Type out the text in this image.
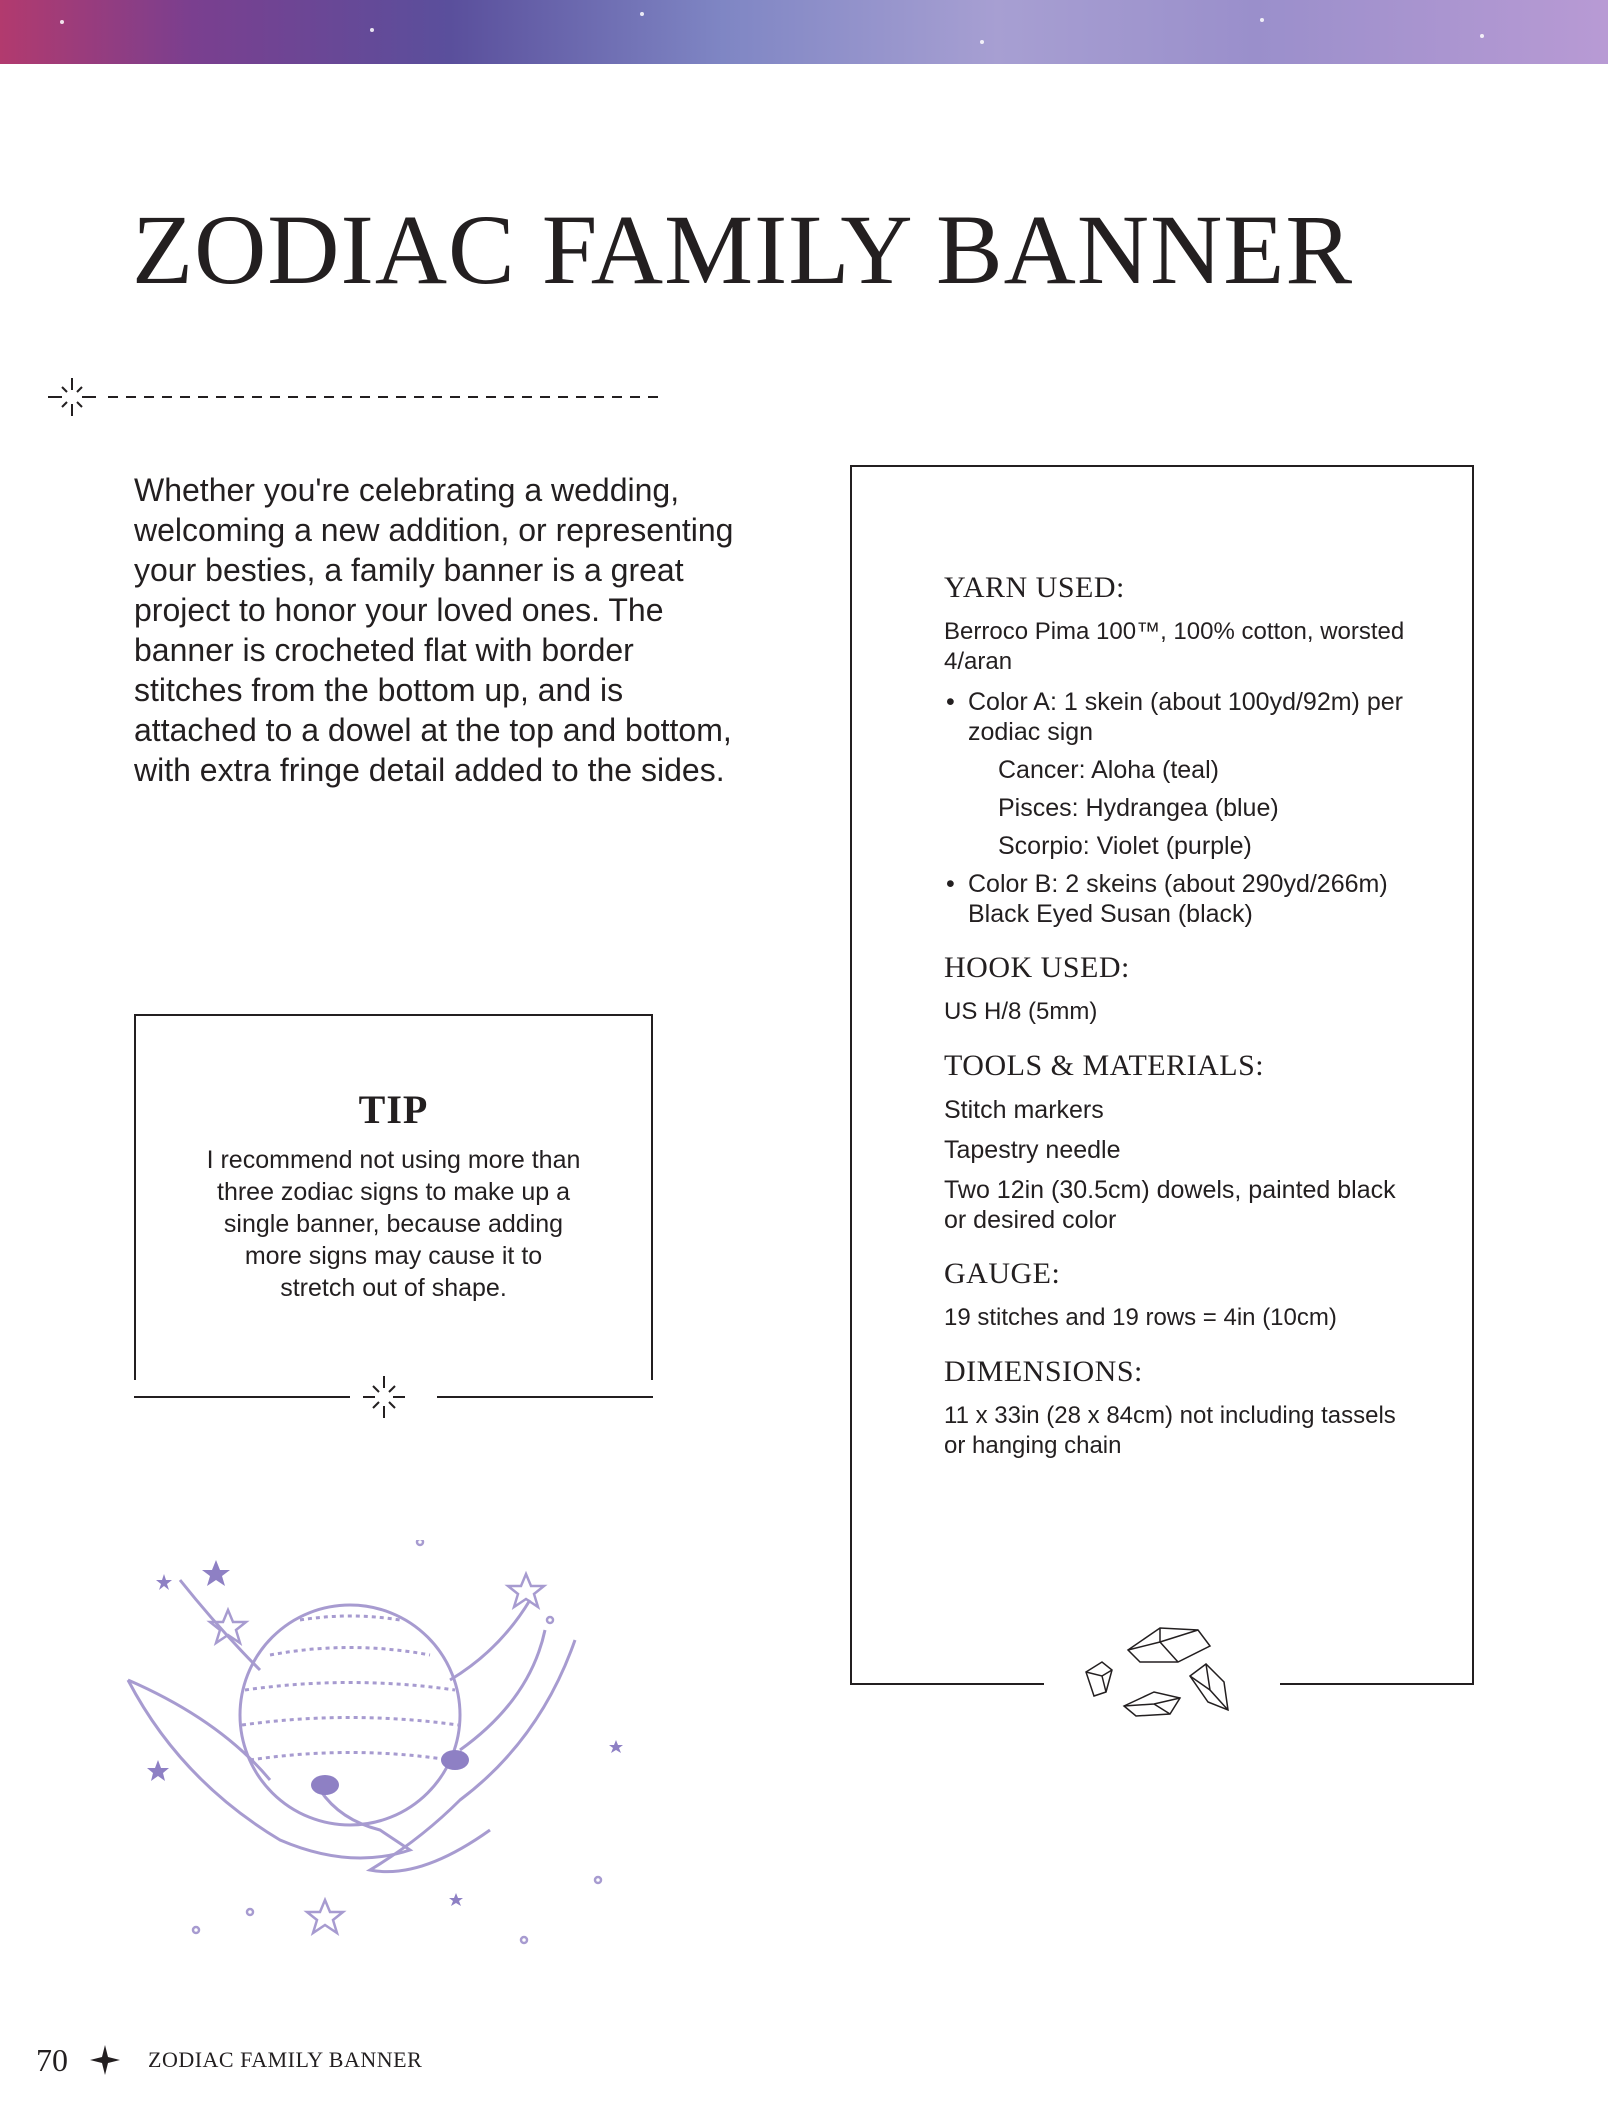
ZODIAC FAMILY BANNER

Whether you're celebrating a wedding, welcoming a new addition, or representing your besties, a family banner is a great project to honor your loved ones. The banner is crocheted flat with border stitches from the bottom up, and is attached to a dowel at the top and bottom, with extra fringe detail added to the sides.

TIP

I recommend not using more than three zodiac signs to make up a single banner, because adding more signs may cause it to stretch out of shape.

YARN USED:

Berroco Pima 100™, 100% cotton, worsted 4/aran

• Color A: 1 skein (about 100yd/92m) per zodiac sign

Cancer: Aloha (teal)

Pisces: Hydrangea (blue)

Scorpio: Violet (purple)

• Color B: 2 skeins (about 290yd/266m) Black Eyed Susan (black)
HOOK USED:

US H/8 (5mm)

TOOLS & MATERIALS:

Stitch markers

Tapestry needle

Two 12in (30.5cm) dowels, painted black or desired color

GAUGE:

19 stitches and 19 rows = 4in (10cm)

DIMENSIONS:

11 x 33in (28 x 84cm) not including tassels or hanging chain

70	ZODIAC FAMILY BANNER
